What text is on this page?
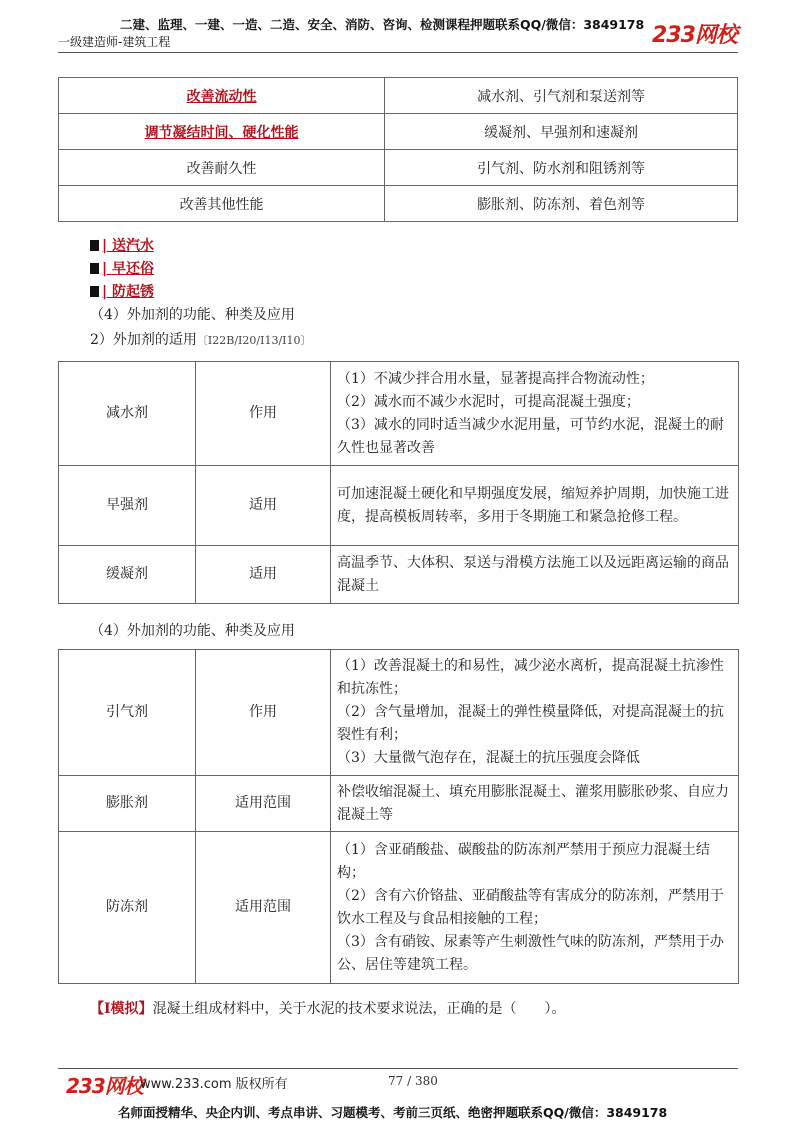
二建、监理、一建、一造、二造、安全、消防、咨询、检测课程押题联系QQ/微信：3849178
一级建造师-建筑工程	233网校
改善流动性	减水剂、引气剂和泵送剂等
调节凝结时间、硬化性能	缓凝剂、早强剂和速凝剂
改善耐久性	引气剂、防水剂和阻锈剂等
改善其他性能	膨胀剂、防冻剂、着色剂等
| 送汽水
| 早还俗
| 防起锈
（4）外加剂的功能、种类及应用
2）外加剂的适用〔Ⅰ22B/Ⅰ20/Ⅰ13/Ⅰ10〕
减水剂	作用	（1）不减少拌合用水量，显著提高拌合物流动性；
（2）减水而不减少水泥时，可提高混凝土强度；
（3）减水的同时适当减少水泥用量，可节约水泥，混凝土的耐久性也显著改善

早强剂	适用	可加速混凝土硬化和早期强度发展，缩短养护周期，加快施工进度，提高模板周转率，多用于冬期施工和紧急抢修工程。

缓凝剂	适用	高温季节、大体积、泵送与滑模方法施工以及远距离运输的商品混凝土
（4）外加剂的功能、种类及应用
引气剂	作用	（1）改善混凝土的和易性，减少泌水离析，提高混凝土抗渗性和抗冻性；
（2）含气量增加，混凝土的弹性模量降低，对提高混凝土的抗裂性有利；
（3）大量微气泡存在，混凝土的抗压强度会降低

膨胀剂	适用范围	补偿收缩混凝土、填充用膨胀混凝土、灌浆用膨胀砂浆、自应力混凝土等

防冻剂	适用范围	（1）含亚硝酸盐、碳酸盐的防冻剂严禁用于预应力混凝土结构；
（2）含有六价铬盐、亚硝酸盐等有害成分的防冻剂，严禁用于饮水工程及与食品相接触的工程；
（3）含有硝铵、尿素等产生刺激性气味的防冻剂，严禁用于办公、居住等建筑工程。
【Ⅰ模拟】混凝土组成材料中，关于水泥的技术要求说法，正确的是（　　）。
233网校
www.233.com 版权所有	77 / 380
名师面授精华、央企内训、考点串讲、习题模考、考前三页纸、绝密押题联系QQ/微信：3849178
